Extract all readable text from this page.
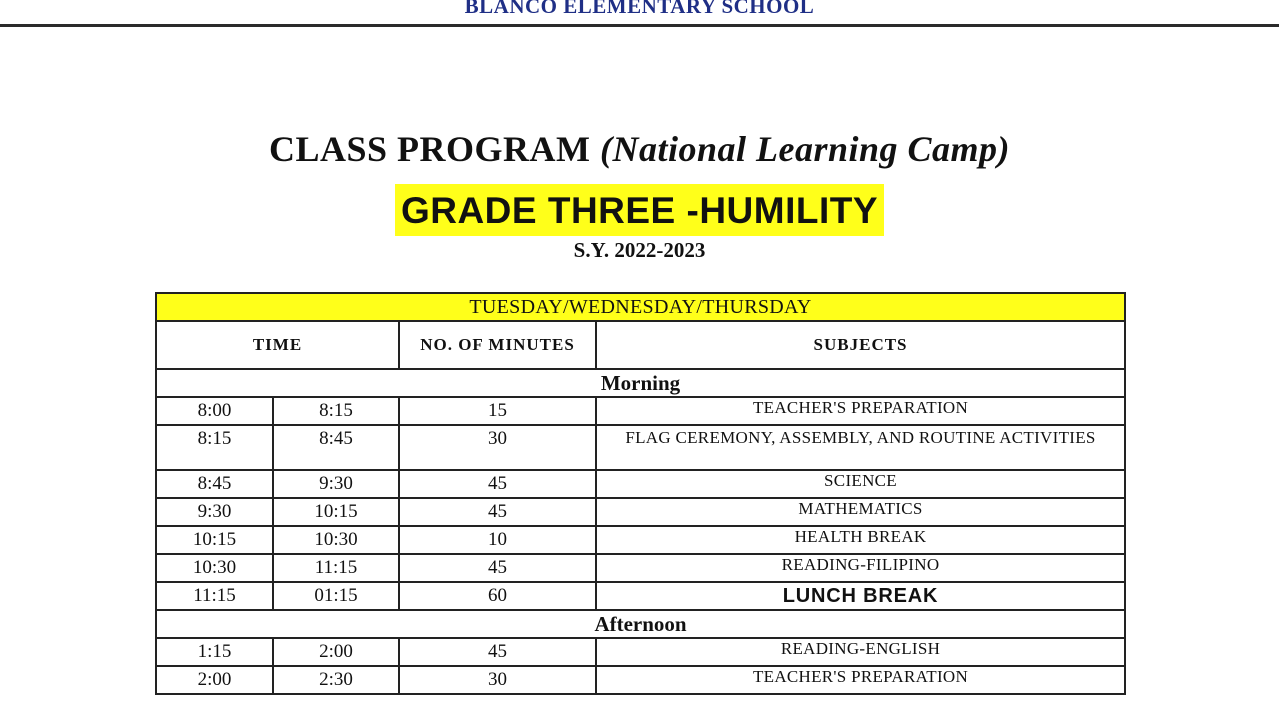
BLANCO ELEMENTARY SCHOOL
CLASS PROGRAM (National Learning Camp)
GRADE THREE -HUMILITY
S.Y. 2022-2023
TUESDAY/WEDNESDAY/THURSDAY			
TIME		NO. OF MINUTES	SUBJECTS
Morning			
8:00	8:15	15	TEACHER'S PREPARATION
8:15	8:45	30	FLAG CEREMONY, ASSEMBLY, AND ROUTINE ACTIVITIES
8:45	9:30	45	SCIENCE
9:30	10:15	45	MATHEMATICS
10:15	10:30	10	HEALTH BREAK
10:30	11:15	45	READING-FILIPINO
11:15	01:15	60	LUNCH BREAK
Afternoon			
1:15	2:00	45	READING-ENGLISH
2:00	2:30	30	TEACHER'S PREPARATION
